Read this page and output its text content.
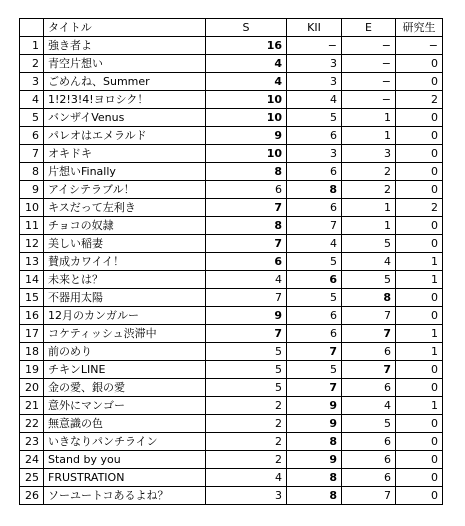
	タイトル	S	KII	E	研究生
1	強き者よ	16	−	−	−
2	青空片想い	4	3	−	0
3	ごめんね、Summer	4	3	−	0
4	1!2!3!4!ヨロシク！	10	4	−	2
5	バンザイVenus	10	5	1	0
6	パレオはエメラルド	9	6	1	0
7	オキドキ	10	3	3	0
8	片想いFinally	8	6	2	0
9	アイシテラブル！	6	8	2	0
10	キスだって左利き	7	6	1	2
11	チョコの奴隷	8	7	1	0
12	美しい稲妻	7	4	5	0
13	賛成カワイイ！	6	5	4	1
14	未来とは？	4	6	5	1
15	不器用太陽	7	5	8	0
16	12月のカンガルー	9	6	7	0
17	コケティッシュ渋滞中	7	6	7	1
18	前のめり	5	7	6	1
19	チキンLINE	5	5	7	0
20	金の愛、銀の愛	5	7	6	0
21	意外にマンゴー	2	9	4	1
22	無意識の色	2	9	5	0
23	いきなりパンチライン	2	8	6	0
24	Stand by you	2	9	6	0
25	FRUSTRATION	4	8	6	0
26	ソーユートコあるよね？	3	8	7	0
